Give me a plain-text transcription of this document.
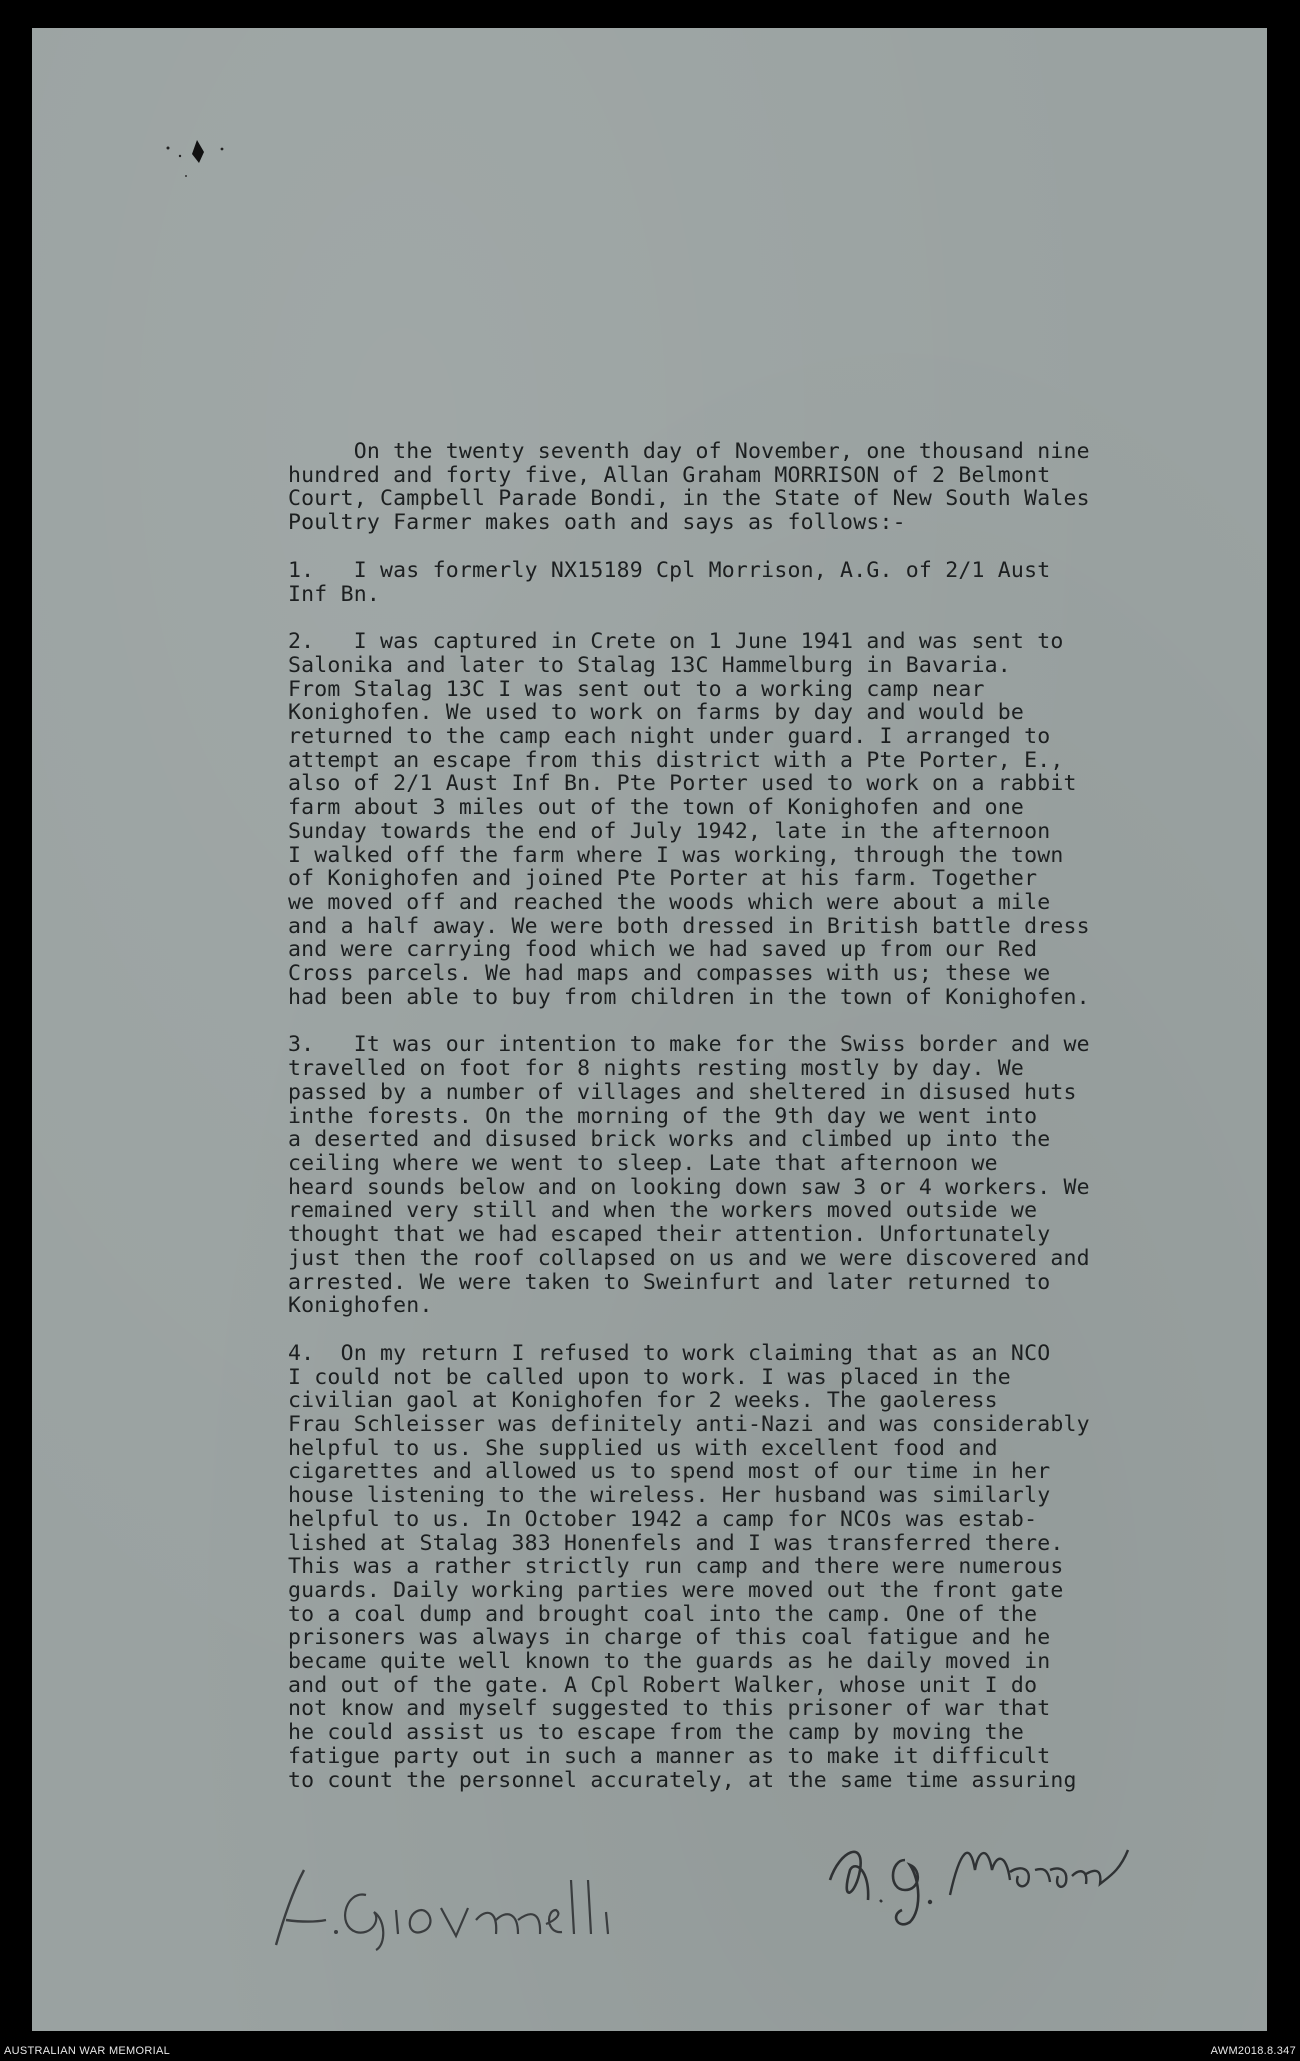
On the twenty seventh day of November, one thousand nine
hundred and forty five, Allan Graham MORRISON of 2 Belmont
Court, Campbell Parade Bondi, in the State of New South Wales
Poultry Farmer makes oath and says as follows:-

1.   I was formerly NX15189 Cpl Morrison, A.G. of 2/1 Aust
Inf Bn.

2.   I was captured in Crete on 1 June 1941 and was sent to
Salonika and later to Stalag 13C Hammelburg in Bavaria.
From Stalag 13C I was sent out to a working camp near
Konighofen. We used to work on farms by day and would be
returned to the camp each night under guard. I arranged to
attempt an escape from this district with a Pte Porter, E.,
also of 2/1 Aust Inf Bn. Pte Porter used to work on a rabbit
farm about 3 miles out of the town of Konighofen and one
Sunday towards the end of July 1942, late in the afternoon
I walked off the farm where I was working, through the town
of Konighofen and joined Pte Porter at his farm. Together
we moved off and reached the woods which were about a mile
and a half away. We were both dressed in British battle dress
and were carrying food which we had saved up from our Red
Cross parcels. We had maps and compasses with us; these we
had been able to buy from children in the town of Konighofen.

3.   It was our intention to make for the Swiss border and we
travelled on foot for 8 nights resting mostly by day. We
passed by a number of villages and sheltered in disused huts
inthe forests. On the morning of the 9th day we went into
a deserted and disused brick works and climbed up into the
ceiling where we went to sleep. Late that afternoon we
heard sounds below and on looking down saw 3 or 4 workers. We
remained very still and when the workers moved outside we
thought that we had escaped their attention. Unfortunately
just then the roof collapsed on us and we were discovered and
arrested. We were taken to Sweinfurt and later returned to
Konighofen.

4.  On my return I refused to work claiming that as an NCO
I could not be called upon to work. I was placed in the
civilian gaol at Konighofen for 2 weeks. The gaoleress
Frau Schleisser was definitely anti-Nazi and was considerably
helpful to us. She supplied us with excellent food and
cigarettes and allowed us to spend most of our time in her
house listening to the wireless. Her husband was similarly
helpful to us. In October 1942 a camp for NCOs was estab-
lished at Stalag 383 Honenfels and I was transferred there.
This was a rather strictly run camp and there were numerous
guards. Daily working parties were moved out the front gate
to a coal dump and brought coal into the camp. One of the
prisoners was always in charge of this coal fatigue and he
became quite well known to the guards as he daily moved in
and out of the gate. A Cpl Robert Walker, whose unit I do
not know and myself suggested to this prisoner of war that
he could assist us to escape from the camp by moving the
fatigue party out in such a manner as to make it difficult
to count the personnel accurately, at the same time assuring

AUSTRALIAN WAR MEMORIAL	AWM2018.8.347
